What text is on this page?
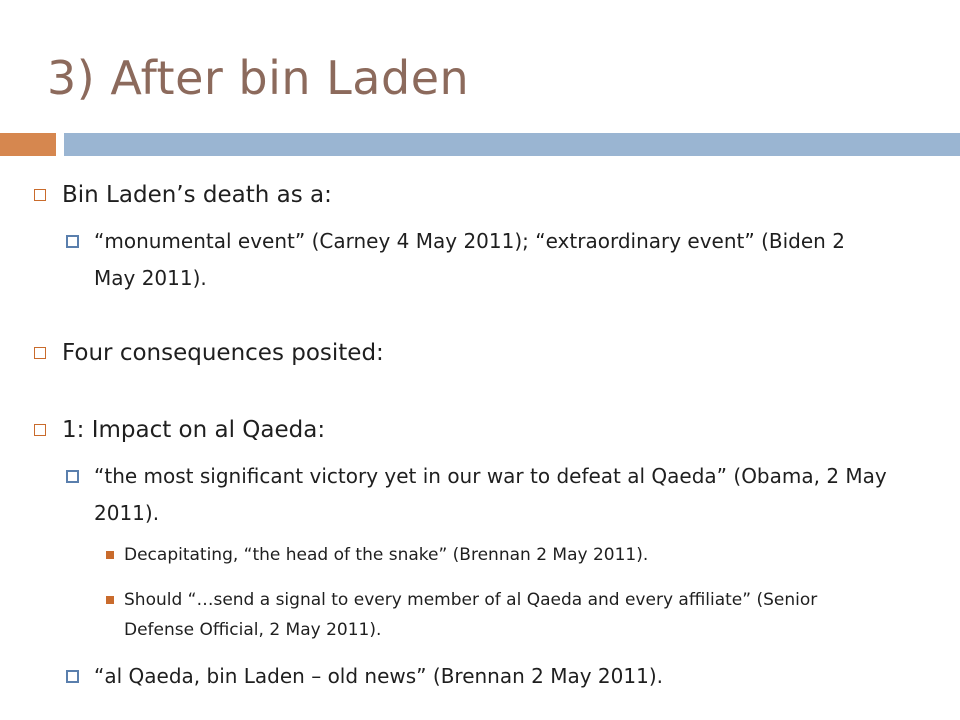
3) After bin Laden
Bin Laden’s death as a:
“monumental event” (Carney 4 May 2011); “extraordinary event” (Biden 2 May 2011).
Four consequences posited:
1: Impact on al Qaeda:
“the most significant victory yet in our war to defeat al Qaeda” (Obama, 2 May 2011).
Decapitating, “the head of the snake” (Brennan 2 May 2011).
Should “…send a signal to every member of al Qaeda and every affiliate” (Senior Defense Official, 2 May 2011).
“al Qaeda, bin Laden – old news” (Brennan 2 May 2011).
